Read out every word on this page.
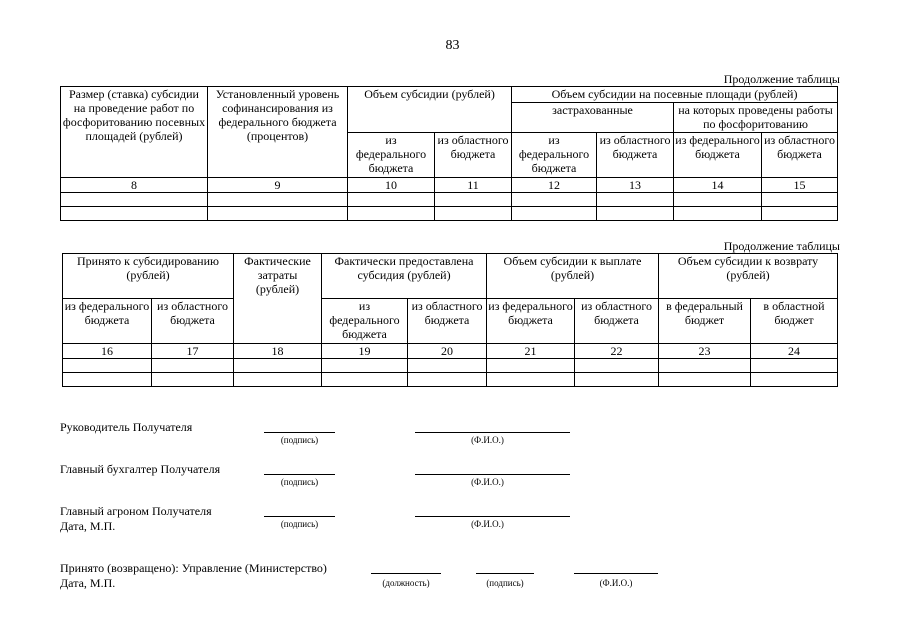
83
Продолжение таблицы
Размер (ставка) субсидии на проведение работ по фосфоритованию посевных площадей (рублей)	Установленный уровень софинансирования из федерального бюджета (процентов)	Объем субсидии (рублей)		Объем субсидии на посевные площади (рублей)			
				застрахованные		на которых проведены работы по фосфоритованию	
		из федерального бюджета	из областного бюджета	из федерального бюджета	из областного бюджета	из федерального бюджета	из областного бюджета
8	9	10	11	12	13	14	15

Продолжение таблицы
Принято к субсидированию (рублей)		Фактические затраты (рублей)	Фактически предоставлена субсидия (рублей)		Объем субсидии к выплате (рублей)		Объем субсидии к возврату (рублей)	
из федерального бюджета	из областного бюджета		из федерального бюджета	из областного бюджета	из федерального бюджета	из областного бюджета	в федеральный бюджет	в областной бюджет
16	17	18	19	20	21	22	23	24

Руководитель Получателя
(подпись)	(Ф.И.О.)
Главный бухгалтер Получателя
(подпись)	(Ф.И.О.)
Главный агроном Получателя
Дата, М.П.	(подпись)	(Ф.И.О.)
Принято (возвращено): Управление (Министерство)
Дата, М.П.	(должность)	(подпись)	(Ф.И.О.)
